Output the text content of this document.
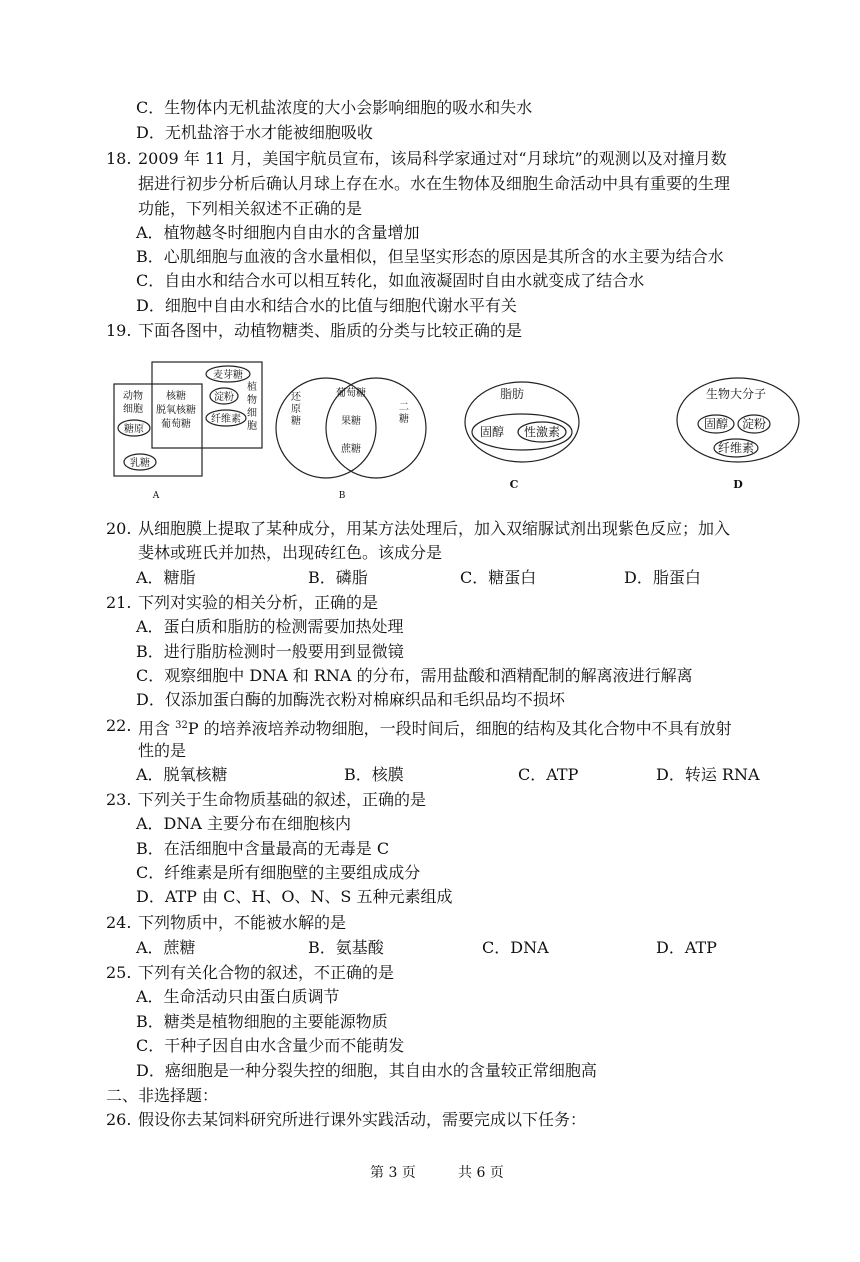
C．生物体内无机盐浓度的大小会影响细胞的吸水和失水
D．无机盐溶于水才能被细胞吸收
18. 2009 年 11 月，美国宇航员宣布，该局科学家通过对“月球坑”的观测以及对撞月数
据进行初步分析后确认月球上存在水。水在生物体及细胞生命活动中具有重要的生理
功能，下列相关叙述不正确的是
A．植物越冬时细胞内自由水的含量增加
B．心肌细胞与血液的含水量相似，但呈坚实形态的原因是其所含的水主要为结合水
C．自由水和结合水可以相互转化，如血液凝固时自由水就变成了结合水
D．细胞中自由水和结合水的比值与细胞代谢水平有关
19. 下面各图中，动植物糖类、脂质的分类与比较正确的是
动物
细胞
核糖
脱氧核糖
葡萄糖
糖原
乳糖
麦芽糖
淀粉
纤维素
植
物
细
胞
A
还
原
糖
二
糖
葡萄糖
果糖
蔗糖
B
脂肪
固醇 性激素
C
生物大分子
固醇 淀粉
纤维素
D
20. 从细胞膜上提取了某种成分，用某方法处理后，加入双缩脲试剂出现紫色反应；加入
斐林或班氏并加热，出现砖红色。该成分是
A．糖脂	B．磷脂	C．糖蛋白	D．脂蛋白
21. 下列对实验的相关分析，正确的是
A．蛋白质和脂肪的检测需要加热处理
B．进行脂肪检测时一般要用到显微镜
C．观察细胞中 DNA 和 RNA 的分布，需用盐酸和酒精配制的解离液进行解离
D．仅添加蛋白酶的加酶洗衣粉对棉麻织品和毛织品均不损坏
22. 用含 $^{32}$P 的培养液培养动物细胞，一段时间后，细胞的结构及其化合物中不具有放射
性的是
A．脱氧核糖	B．核膜	C．ATP	D．转运 RNA
23. 下列关于生命物质基础的叙述，正确的是
A．DNA 主要分布在细胞核内
B．在活细胞中含量最高的无毒是 C
C．纤维素是所有细胞壁的主要组成成分
D．ATP 由 C、H、O、N、S 五种元素组成
24. 下列物质中，不能被水解的是
A．蔗糖	B．氨基酸	C．DNA	D．ATP
25. 下列有关化合物的叙述，不正确的是
A．生命活动只由蛋白质调节
B．糖类是植物细胞的主要能源物质
C．干种子因自由水含量少而不能萌发
D．癌细胞是一种分裂失控的细胞，其自由水的含量较正常细胞高
二、非选择题：
26. 假设你去某饲料研究所进行课外实践活动，需要完成以下任务：
第 3 页	共 6 页
